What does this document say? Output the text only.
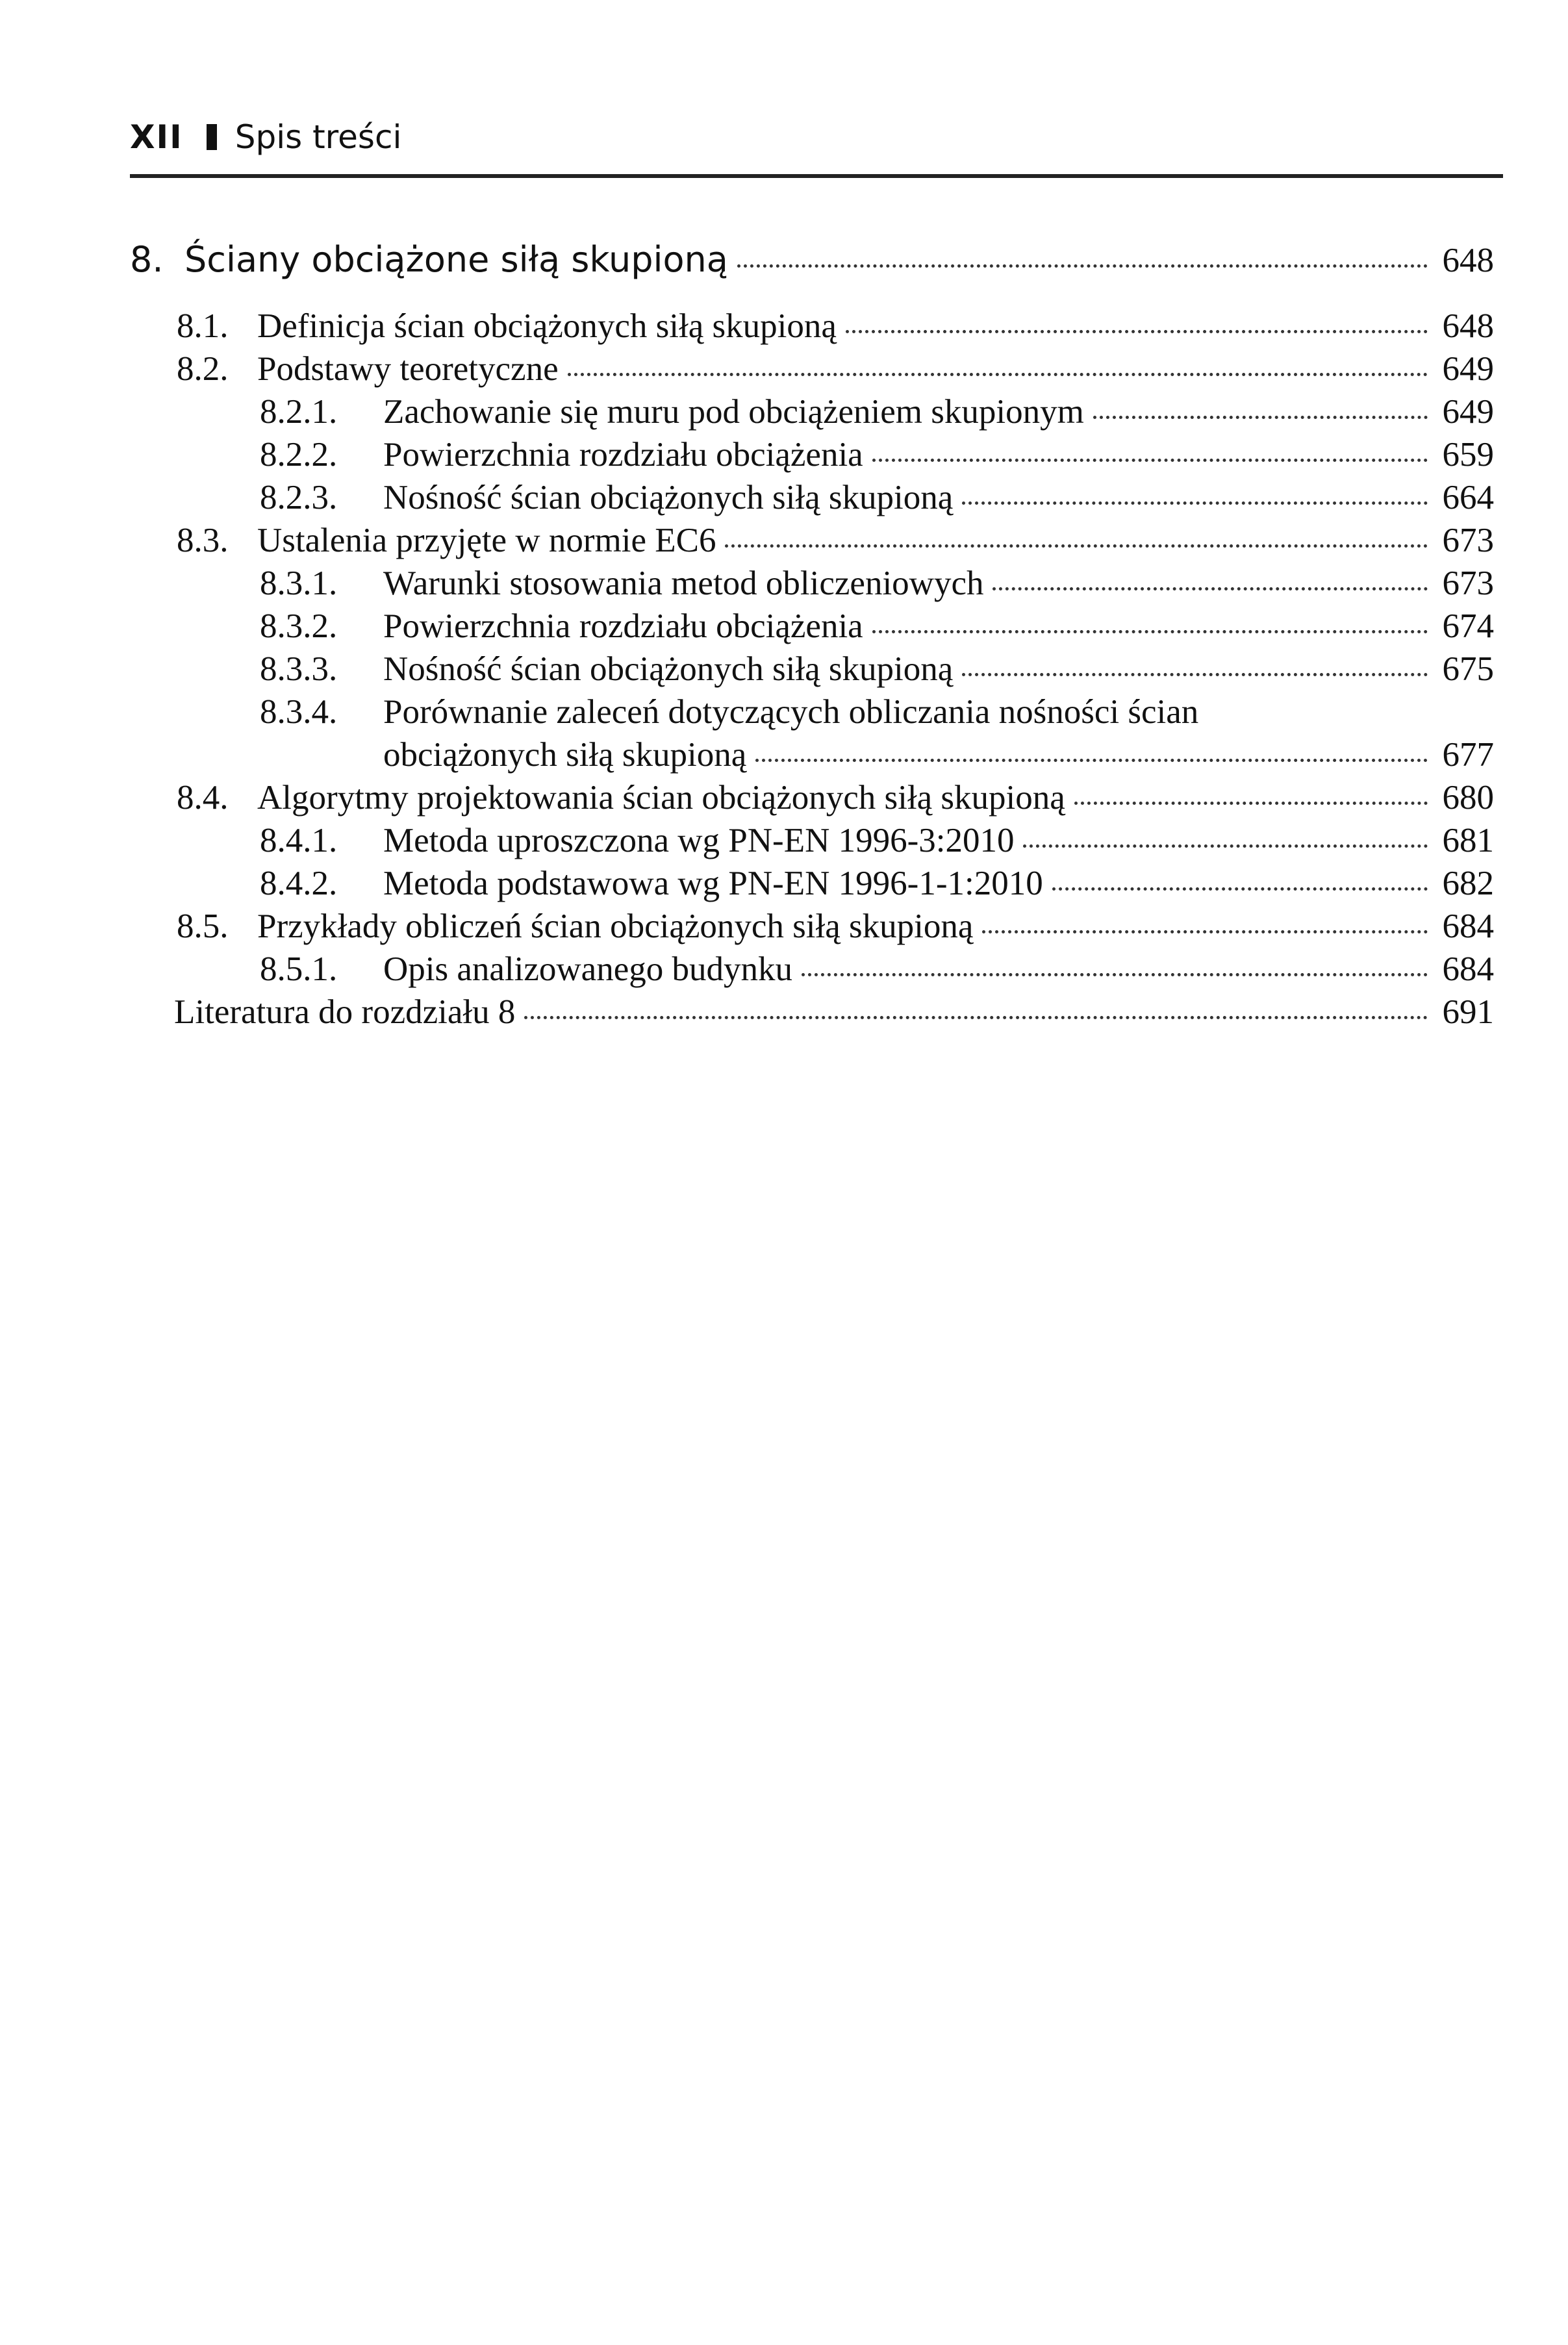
XII Spis treści
8. Ściany obciążone siłą skupioną	648
8.1. Definicja ścian obciążonych siłą skupioną	648
8.2. Podstawy teoretyczne	649
8.2.1.	Zachowanie się muru pod obciążeniem skupionym	649
8.2.2.	Powierzchnia rozdziału obciążenia	659
8.2.3.	Nośność ścian obciążonych siłą skupioną	664
8.3. Ustalenia przyjęte w normie EC6	673
8.3.1.	Warunki stosowania metod obliczeniowych	673
8.3.2.	Powierzchnia rozdziału obciążenia	674
8.3.3.	Nośność ścian obciążonych siłą skupioną	675
8.3.4.	Porównanie zaleceń dotyczących obliczania nośności ścian
obciążonych siłą skupioną	677
8.4. Algorytmy projektowania ścian obciążonych siłą skupioną	680
8.4.1.	Metoda uproszczona wg PN-EN 1996-3:2010	681
8.4.2.	Metoda podstawowa wg PN-EN 1996-1-1:2010	682
8.5. Przykłady obliczeń ścian obciążonych siłą skupioną	684
8.5.1.	Opis analizowanego budynku	684
Literatura do rozdziału 8	691
